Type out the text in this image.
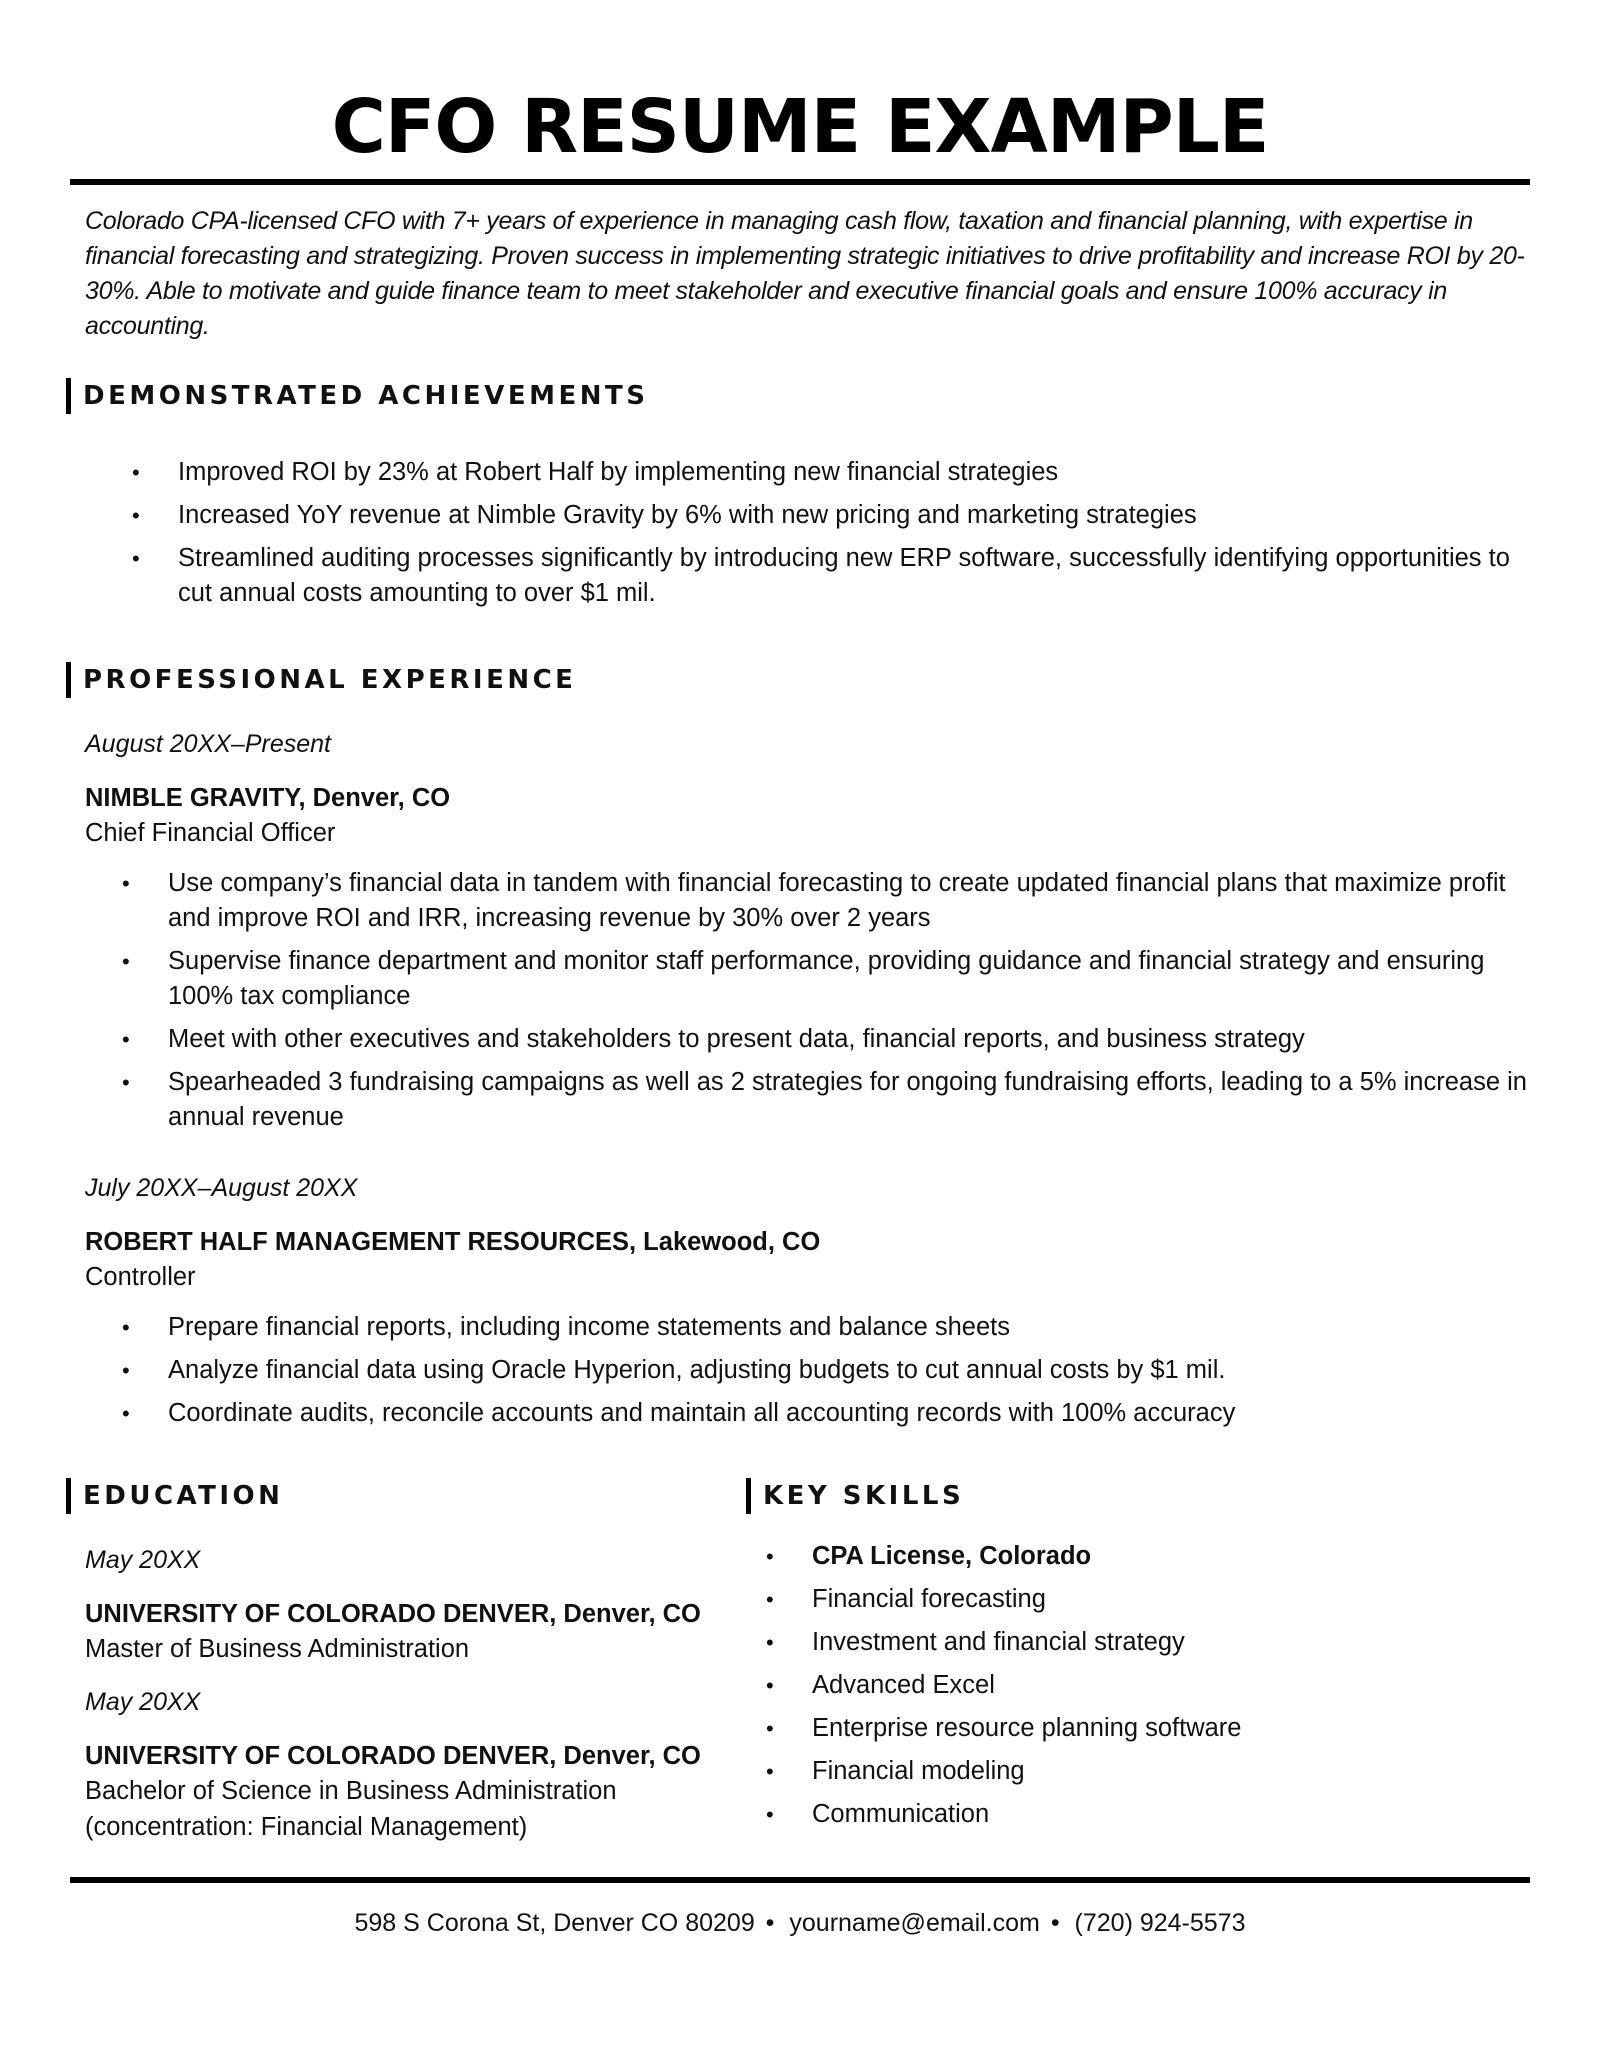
CFO RESUME EXAMPLE
Colorado CPA-licensed CFO with 7+ years of experience in managing cash flow, taxation and financial planning, with expertise in financial forecasting and strategizing. Proven success in implementing strategic initiatives to drive profitability and increase ROI by 20-30%. Able to motivate and guide finance team to meet stakeholder and executive financial goals and ensure 100% accuracy in accounting.
DEMONSTRATED ACHIEVEMENTS
• Improved ROI by 23% at Robert Half by implementing new financial strategies
• Increased YoY revenue at Nimble Gravity by 6% with new pricing and marketing strategies
• Streamlined auditing processes significantly by introducing new ERP software, successfully identifying opportunities to cut annual costs amounting to over $1 mil.
PROFESSIONAL EXPERIENCE
August 20XX–Present
NIMBLE GRAVITY, Denver, CO
Chief Financial Officer
• Use company’s financial data in tandem with financial forecasting to create updated financial plans that maximize profit and improve ROI and IRR, increasing revenue by 30% over 2 years
• Supervise finance department and monitor staff performance, providing guidance and financial strategy and ensuring 100% tax compliance
• Meet with other executives and stakeholders to present data, financial reports, and business strategy
• Spearheaded 3 fundraising campaigns as well as 2 strategies for ongoing fundraising efforts, leading to a 5% increase in annual revenue
July 20XX–August 20XX
ROBERT HALF MANAGEMENT RESOURCES, Lakewood, CO
Controller
• Prepare financial reports, including income statements and balance sheets
• Analyze financial data using Oracle Hyperion, adjusting budgets to cut annual costs by $1 mil.
• Coordinate audits, reconcile accounts and maintain all accounting records with 100% accuracy
EDUCATION
May 20XX
UNIVERSITY OF COLORADO DENVER, Denver, CO
Master of Business Administration
May 20XX
UNIVERSITY OF COLORADO DENVER, Denver, CO
Bachelor of Science in Business Administration
(concentration: Financial Management)
KEY SKILLS
• CPA License, Colorado
• Financial forecasting
• Investment and financial strategy
• Advanced Excel
• Enterprise resource planning software
• Financial modeling
• Communication
598 S Corona St, Denver CO 80209 • yourname@email.com • (720) 924-5573
